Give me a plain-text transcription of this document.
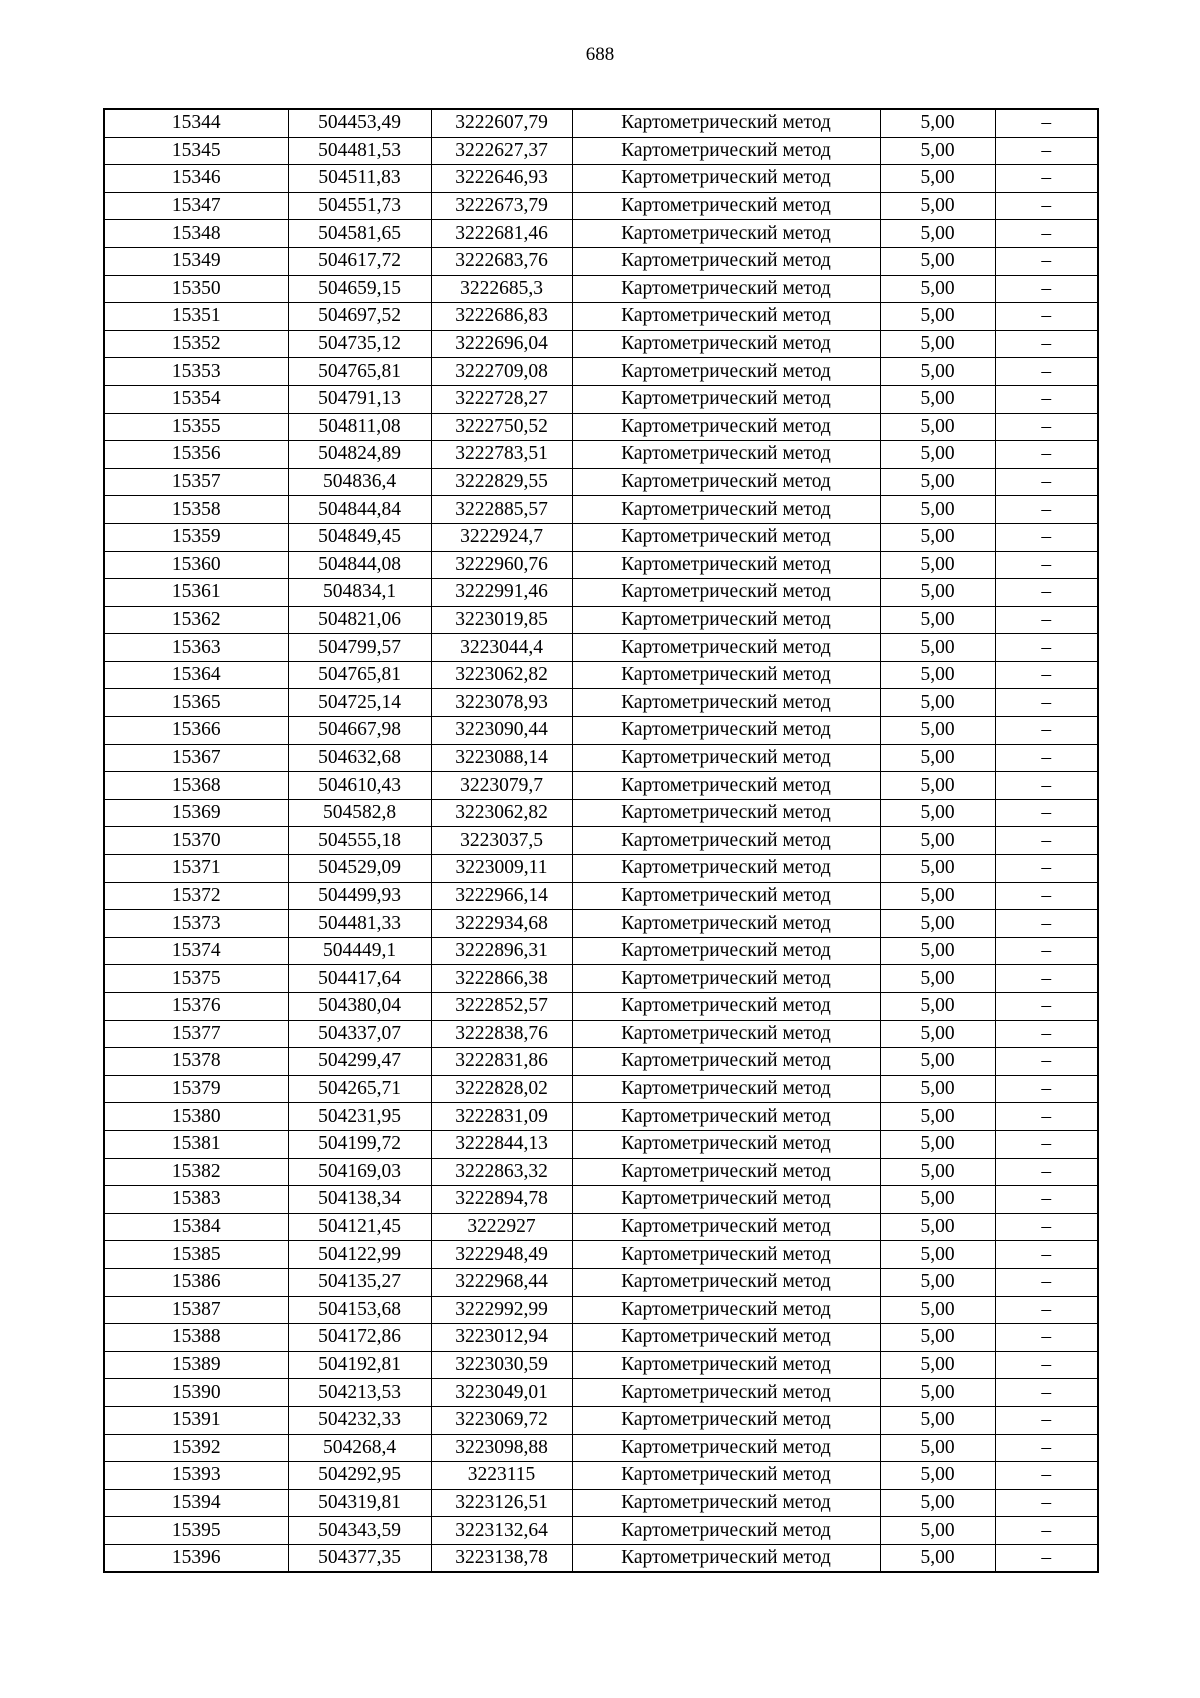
688
15344	504453,49	3222607,79	Картометрический метод	5,00	–
15345	504481,53	3222627,37	Картометрический метод	5,00	–
15346	504511,83	3222646,93	Картометрический метод	5,00	–
15347	504551,73	3222673,79	Картометрический метод	5,00	–
15348	504581,65	3222681,46	Картометрический метод	5,00	–
15349	504617,72	3222683,76	Картометрический метод	5,00	–
15350	504659,15	3222685,3	Картометрический метод	5,00	–
15351	504697,52	3222686,83	Картометрический метод	5,00	–
15352	504735,12	3222696,04	Картометрический метод	5,00	–
15353	504765,81	3222709,08	Картометрический метод	5,00	–
15354	504791,13	3222728,27	Картометрический метод	5,00	–
15355	504811,08	3222750,52	Картометрический метод	5,00	–
15356	504824,89	3222783,51	Картометрический метод	5,00	–
15357	504836,4	3222829,55	Картометрический метод	5,00	–
15358	504844,84	3222885,57	Картометрический метод	5,00	–
15359	504849,45	3222924,7	Картометрический метод	5,00	–
15360	504844,08	3222960,76	Картометрический метод	5,00	–
15361	504834,1	3222991,46	Картометрический метод	5,00	–
15362	504821,06	3223019,85	Картометрический метод	5,00	–
15363	504799,57	3223044,4	Картометрический метод	5,00	–
15364	504765,81	3223062,82	Картометрический метод	5,00	–
15365	504725,14	3223078,93	Картометрический метод	5,00	–
15366	504667,98	3223090,44	Картометрический метод	5,00	–
15367	504632,68	3223088,14	Картометрический метод	5,00	–
15368	504610,43	3223079,7	Картометрический метод	5,00	–
15369	504582,8	3223062,82	Картометрический метод	5,00	–
15370	504555,18	3223037,5	Картометрический метод	5,00	–
15371	504529,09	3223009,11	Картометрический метод	5,00	–
15372	504499,93	3222966,14	Картометрический метод	5,00	–
15373	504481,33	3222934,68	Картометрический метод	5,00	–
15374	504449,1	3222896,31	Картометрический метод	5,00	–
15375	504417,64	3222866,38	Картометрический метод	5,00	–
15376	504380,04	3222852,57	Картометрический метод	5,00	–
15377	504337,07	3222838,76	Картометрический метод	5,00	–
15378	504299,47	3222831,86	Картометрический метод	5,00	–
15379	504265,71	3222828,02	Картометрический метод	5,00	–
15380	504231,95	3222831,09	Картометрический метод	5,00	–
15381	504199,72	3222844,13	Картометрический метод	5,00	–
15382	504169,03	3222863,32	Картометрический метод	5,00	–
15383	504138,34	3222894,78	Картометрический метод	5,00	–
15384	504121,45	3222927	Картометрический метод	5,00	–
15385	504122,99	3222948,49	Картометрический метод	5,00	–
15386	504135,27	3222968,44	Картометрический метод	5,00	–
15387	504153,68	3222992,99	Картометрический метод	5,00	–
15388	504172,86	3223012,94	Картометрический метод	5,00	–
15389	504192,81	3223030,59	Картометрический метод	5,00	–
15390	504213,53	3223049,01	Картометрический метод	5,00	–
15391	504232,33	3223069,72	Картометрический метод	5,00	–
15392	504268,4	3223098,88	Картометрический метод	5,00	–
15393	504292,95	3223115	Картометрический метод	5,00	–
15394	504319,81	3223126,51	Картометрический метод	5,00	–
15395	504343,59	3223132,64	Картометрический метод	5,00	–
15396	504377,35	3223138,78	Картометрический метод	5,00	–
